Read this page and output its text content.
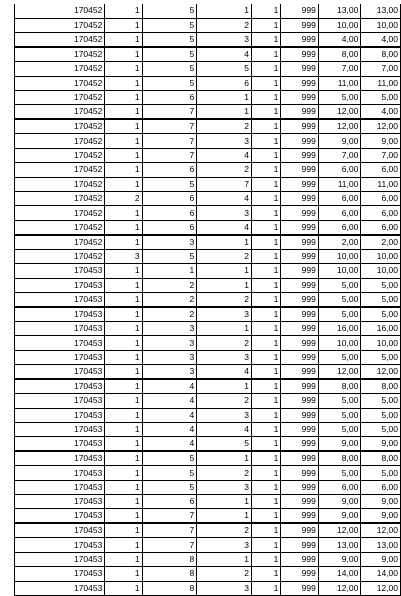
170452	1	5	1	1	999	13,00	13,00
170452	1	5	2	1	999	10,00	10,00
170452	1	5	3	1	999	4,00	4,00
170452	1	5	4	1	999	8,00	8,00
170452	1	5	5	1	999	7,00	7,00
170452	1	5	6	1	999	11,00	11,00
170452	1	6	1	1	999	5,00	5,00
170452	1	7	1	1	999	12,00	4,00
170452	1	7	2	1	999	12,00	12,00
170452	1	7	3	1	999	9,00	9,00
170452	1	7	4	1	999	7,00	7,00
170452	1	6	2	1	999	6,00	6,00
170452	1	5	7	1	999	11,00	11,00
170452	2	6	4	1	999	6,00	6,00
170452	1	6	3	1	999	6,00	6,00
170452	1	6	4	1	999	6,00	6,00
170452	1	3	1	1	999	2,00	2,00
170452	3	5	2	1	999	10,00	10,00
170453	1	1	1	1	999	10,00	10,00
170453	1	2	1	1	999	5,00	5,00
170453	1	2	2	1	999	5,00	5,00
170453	1	2	3	1	999	5,00	5,00
170453	1	3	1	1	999	16,00	16,00
170453	1	3	2	1	999	10,00	10,00
170453	1	3	3	1	999	5,00	5,00
170453	1	3	4	1	999	12,00	12,00
170453	1	4	1	1	999	8,00	8,00
170453	1	4	2	1	999	5,00	5,00
170453	1	4	3	1	999	5,00	5,00
170453	1	4	4	1	999	5,00	5,00
170453	1	4	5	1	999	9,00	9,00
170453	1	5	1	1	999	8,00	8,00
170453	1	5	2	1	999	5,00	5,00
170453	1	5	3	1	999	6,00	6,00
170453	1	6	1	1	999	9,00	9,00
170453	1	7	1	1	999	9,00	9,00
170453	1	7	2	1	999	12,00	12,00
170453	1	7	3	1	999	13,00	13,00
170453	1	8	1	1	999	9,00	9,00
170453	1	8	2	1	999	14,00	14,00
170453	1	8	3	1	999	12,00	12,00
